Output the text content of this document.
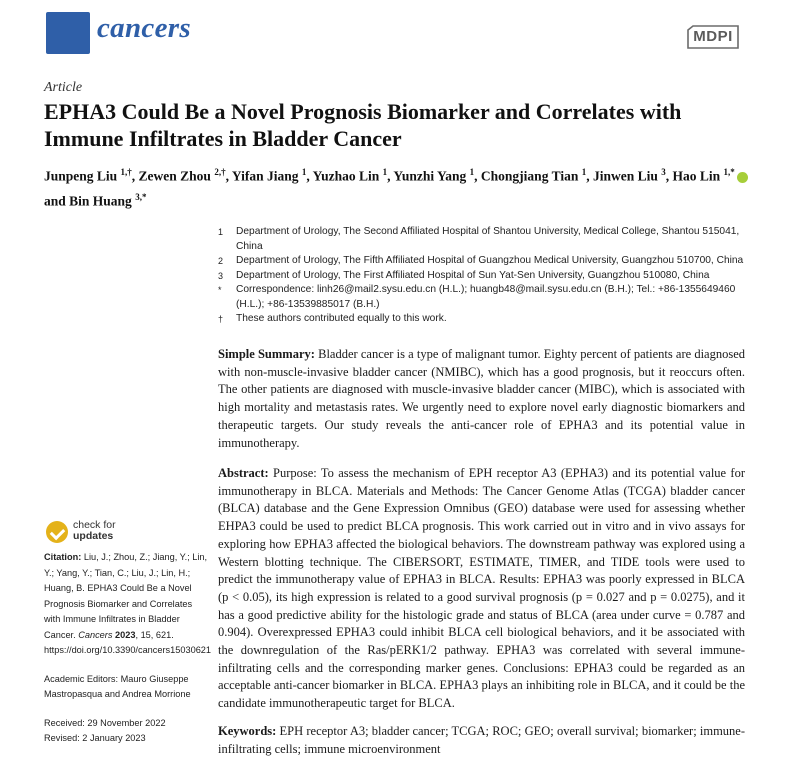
cancers	MDPI
Article
EPHA3 Could Be a Novel Prognosis Biomarker and Correlates with Immune Infiltrates in Bladder Cancer
Junpeng Liu $^{1,\dagger}$, Zewen Zhou $^{2,\dagger}$, Yifan Jiang $^1$, Yuzhao Lin $^1$, Yunzhi Yang $^1$, Chongjiang Tian $^1$, Jinwen Liu $^3$, Hao Lin $^{1,*}$ and Bin Huang $^{3,*}$
1 Department of Urology, The Second Affiliated Hospital of Shantou University, Medical College, Shantou 515041, China
2 Department of Urology, The Fifth Affiliated Hospital of Guangzhou Medical University, Guangzhou 510700, China
3 Department of Urology, The First Affiliated Hospital of Sun Yat-Sen University, Guangzhou 510080, China
* Correspondence: linh26@mail2.sysu.edu.cn (H.L.); huangb48@mail.sysu.edu.cn (B.H.); Tel.: +86-1355649460 (H.L.); +86-13539885017 (B.H.)
† These authors contributed equally to this work.
Simple Summary: Bladder cancer is a type of malignant tumor. Eighty percent of patients are diagnosed with non-muscle-invasive bladder cancer (NMIBC), which has a good prognosis, but it reoccurs often. The other patients are diagnosed with muscle-invasive bladder cancer (MIBC), which is associated with high mortality and metastasis rates. We urgently need to explore novel early diagnostic biomarkers and therapeutic targets. Our study reveals the anti-cancer role of EPHA3 and its potential value in immunotherapy.
Abstract: Purpose: To assess the mechanism of EPH receptor A3 (EPHA3) and its potential value for immunotherapy in BLCA. Materials and Methods: The Cancer Genome Atlas (TCGA) bladder cancer (BLCA) database and the Gene Expression Omnibus (GEO) database were used for assessing whether EHPA3 could be used to predict BLCA prognosis. This work carried out in vitro and in vivo assays for exploring how EPHA3 affected the biological behaviors. The downstream pathway was explored using a Western blotting technique. The CIBERSORT, ESTIMATE, TIMER, and TIDE tools were used to predict the immunotherapy value of EPHA3 in BLCA. Results: EPHA3 was poorly expressed in BLCA (p < 0.05), its high expression is related to a good survival prognosis (p = 0.027 and p = 0.0275), and it has a good predictive ability for the histologic grade and status of BLCA (area under curve = 0.787 and 0.904). Overexpressed EPHA3 could inhibit BLCA cell biological behaviors, and it be associated with the downregulation of the Ras/pERK1/2 pathway. EPHA3 was correlated with several immune-infiltrating cells and the corresponding marker genes. Conclusions: EPHA3 could be regarded as an acceptable anti-cancer biomarker in BLCA. EPHA3 plays an inhibiting role in BLCA, and it could be the candidate immunotherapeutic target for BLCA.
Keywords: EPH receptor A3; bladder cancer; TCGA; ROC; GEO; overall survival; biomarker; immune-infiltrating cells; immune microenvironment
check for
updates
Citation: Liu, J.; Zhou, Z.; Jiang, Y.; Lin, Y.; Yang, Y.; Tian, C.; Liu, J.; Lin, H.; Huang, B. EPHA3 Could Be a Novel Prognosis Biomarker and Correlates with Immune Infiltrates in Bladder Cancer. Cancers 2023, 15, 621. https://doi.org/10.3390/cancers15030621
Academic Editors: Mauro Giuseppe Mastropasqua and Andrea Morrione
Received: 29 November 2022
Revised: 2 January 2023
